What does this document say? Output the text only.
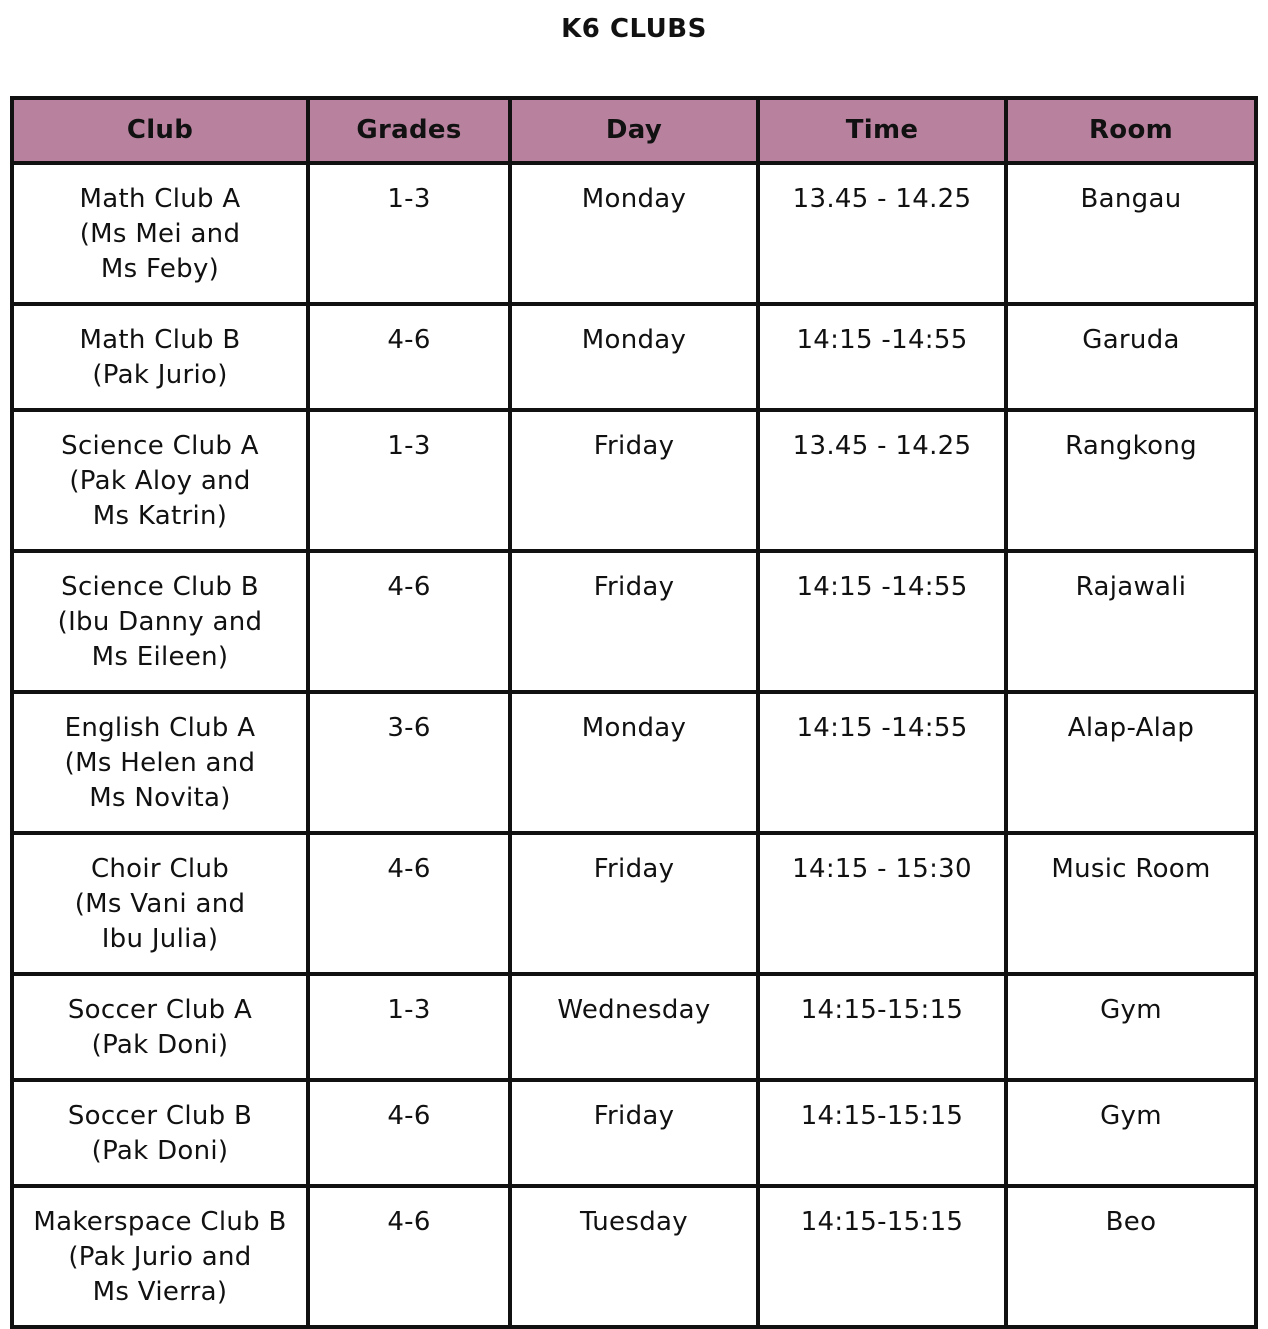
K6 CLUBS
Club	Grades	Day	Time	Room

Math Club A
(Ms Mei and
Ms Feby)	1-3	Monday	13.45 - 14.25	Bangau

Math Club B
(Pak Jurio)	4-6	Monday	14:15 -14:55	Garuda

Science Club A
(Pak Aloy and
Ms Katrin)	1-3	Friday	13.45 - 14.25	Rangkong

Science Club B
(Ibu Danny and
Ms Eileen)	4-6	Friday	14:15 -14:55	Rajawali

English Club A
(Ms Helen and
Ms Novita)	3-6	Monday	14:15 -14:55	Alap-Alap

Choir Club
(Ms Vani and
Ibu Julia)	4-6	Friday	14:15 - 15:30	Music Room

Soccer Club A
(Pak Doni)	1-3	Wednesday	14:15-15:15	Gym

Soccer Club B
(Pak Doni)	4-6	Friday	14:15-15:15	Gym

Makerspace Club B
(Pak Jurio and
Ms Vierra)	4-6	Tuesday	14:15-15:15	Beo
